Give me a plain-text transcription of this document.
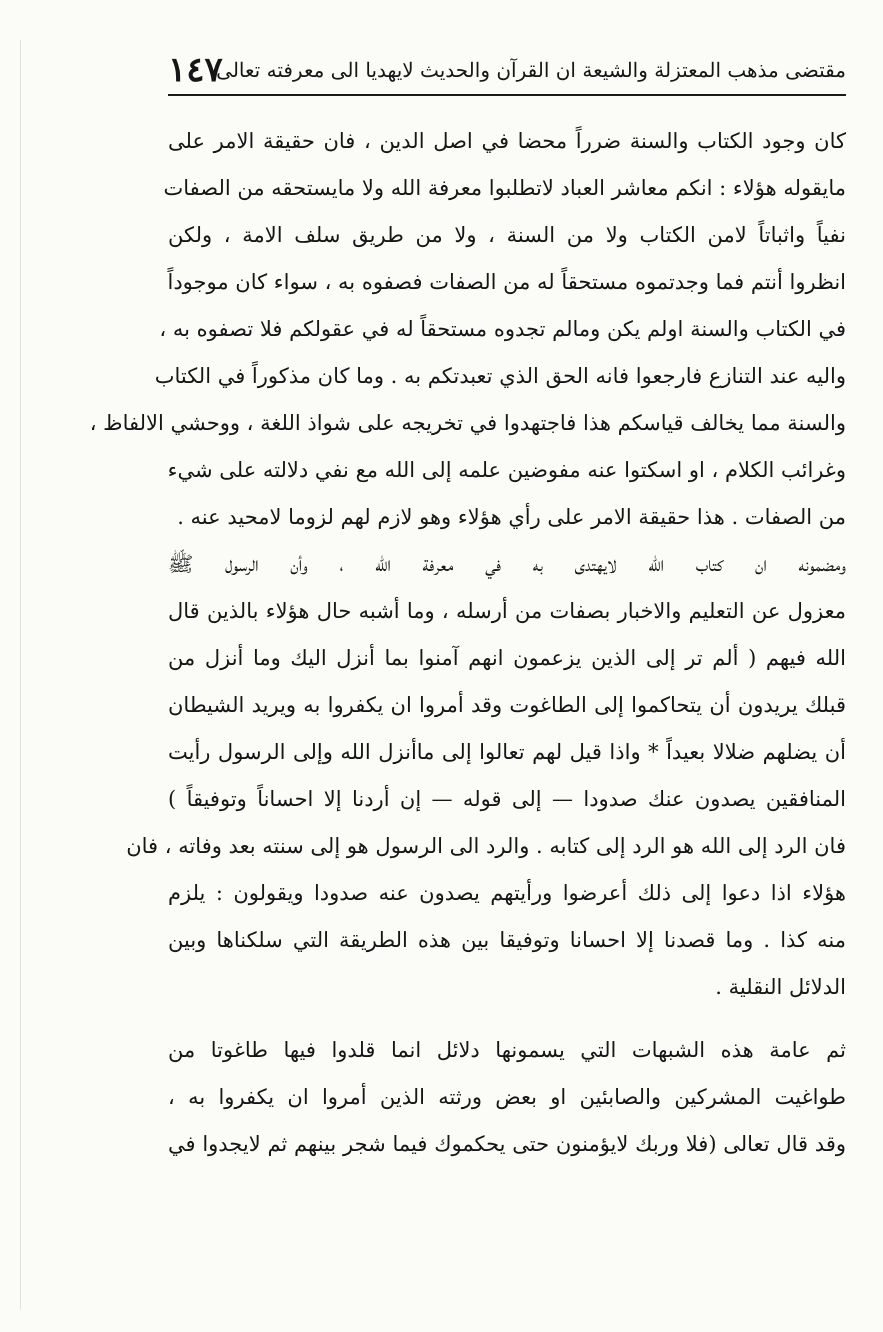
مقتضى مذهب المعتزلة والشيعة ان القرآن والحديث لايهديا الى معرفته تعالى
١٤٧
كان وجود الكتاب والسنة ضرراً محضا في اصل الدين ، فان حقيقة الامر على
مايقوله هؤلاء : انكم معاشر العباد لاتطلبوا معرفة الله ولا مايستحقه من الصفات
نفياً واثباتاً لامن الكتاب ولا من السنة ، ولا من طريق سلف الامة ، ولكن
انظروا أنتم فما وجدتموه مستحقاً له من الصفات فصفوه به ، سواء كان موجوداً
في الكتاب والسنة اولم يكن ومالم تجدوه مستحقاً له في عقولكم فلا تصفوه به ،
واليه عند التنازع فارجعوا فانه الحق الذي تعبدتكم به . وما كان مذكوراً في الكتاب
والسنة مما يخالف قياسكم هذا فاجتهدوا في تخريجه على شواذ اللغة ، ووحشي الالفاظ ،
وغرائب الكلام ، او اسكتوا عنه مفوضين علمه إلى الله مع نفي دلالته على شيء
من الصفات . هذا حقيقة الامر على رأي هؤلاء وهو لازم لهم لزوما لامحيد عنه .
ومضمونه ان كتاب الله لايهتدى به في معرفة الله ، وأن الرسول ﷺ
معزول عن التعليم والاخبار بصفات من أرسله ، وما أشبه حال هؤلاء بالذين قال
الله فيهم ( ألم تر إلى الذين يزعمون انهم آمنوا بما أنزل اليك وما أنزل من
قبلك يريدون أن يتحاكموا إلى الطاغوت وقد أمروا ان يكفروا به ويريد الشيطان
أن يضلهم ضلالا بعيداً * واذا قيل لهم تعالوا إلى ماأنزل الله وإلى الرسول رأيت
المنافقين يصدون عنك صدودا — إلى قوله — إن أردنا إلا احساناً وتوفيقاً )
فان الرد إلى الله هو الرد إلى كتابه . والرد الى الرسول هو إلى سنته بعد وفاته ، فان
هؤلاء اذا دعوا إلى ذلك أعرضوا ورأيتهم يصدون عنه صدودا ويقولون : يلزم
منه كذا . وما قصدنا إلا احسانا وتوفيقا بين هذه الطريقة التي سلكناها وبين
الدلائل النقلية .
ثم عامة هذه الشبهات التي يسمونها دلائل انما قلدوا فيها طاغوتا من
طواغيت المشركين والصابئين او بعض ورثته الذين أمروا ان يكفروا به ،
وقد قال تعالى (فلا وربك لايؤمنون حتى يحكموك فيما شجر بينهم ثم لايجدوا في
